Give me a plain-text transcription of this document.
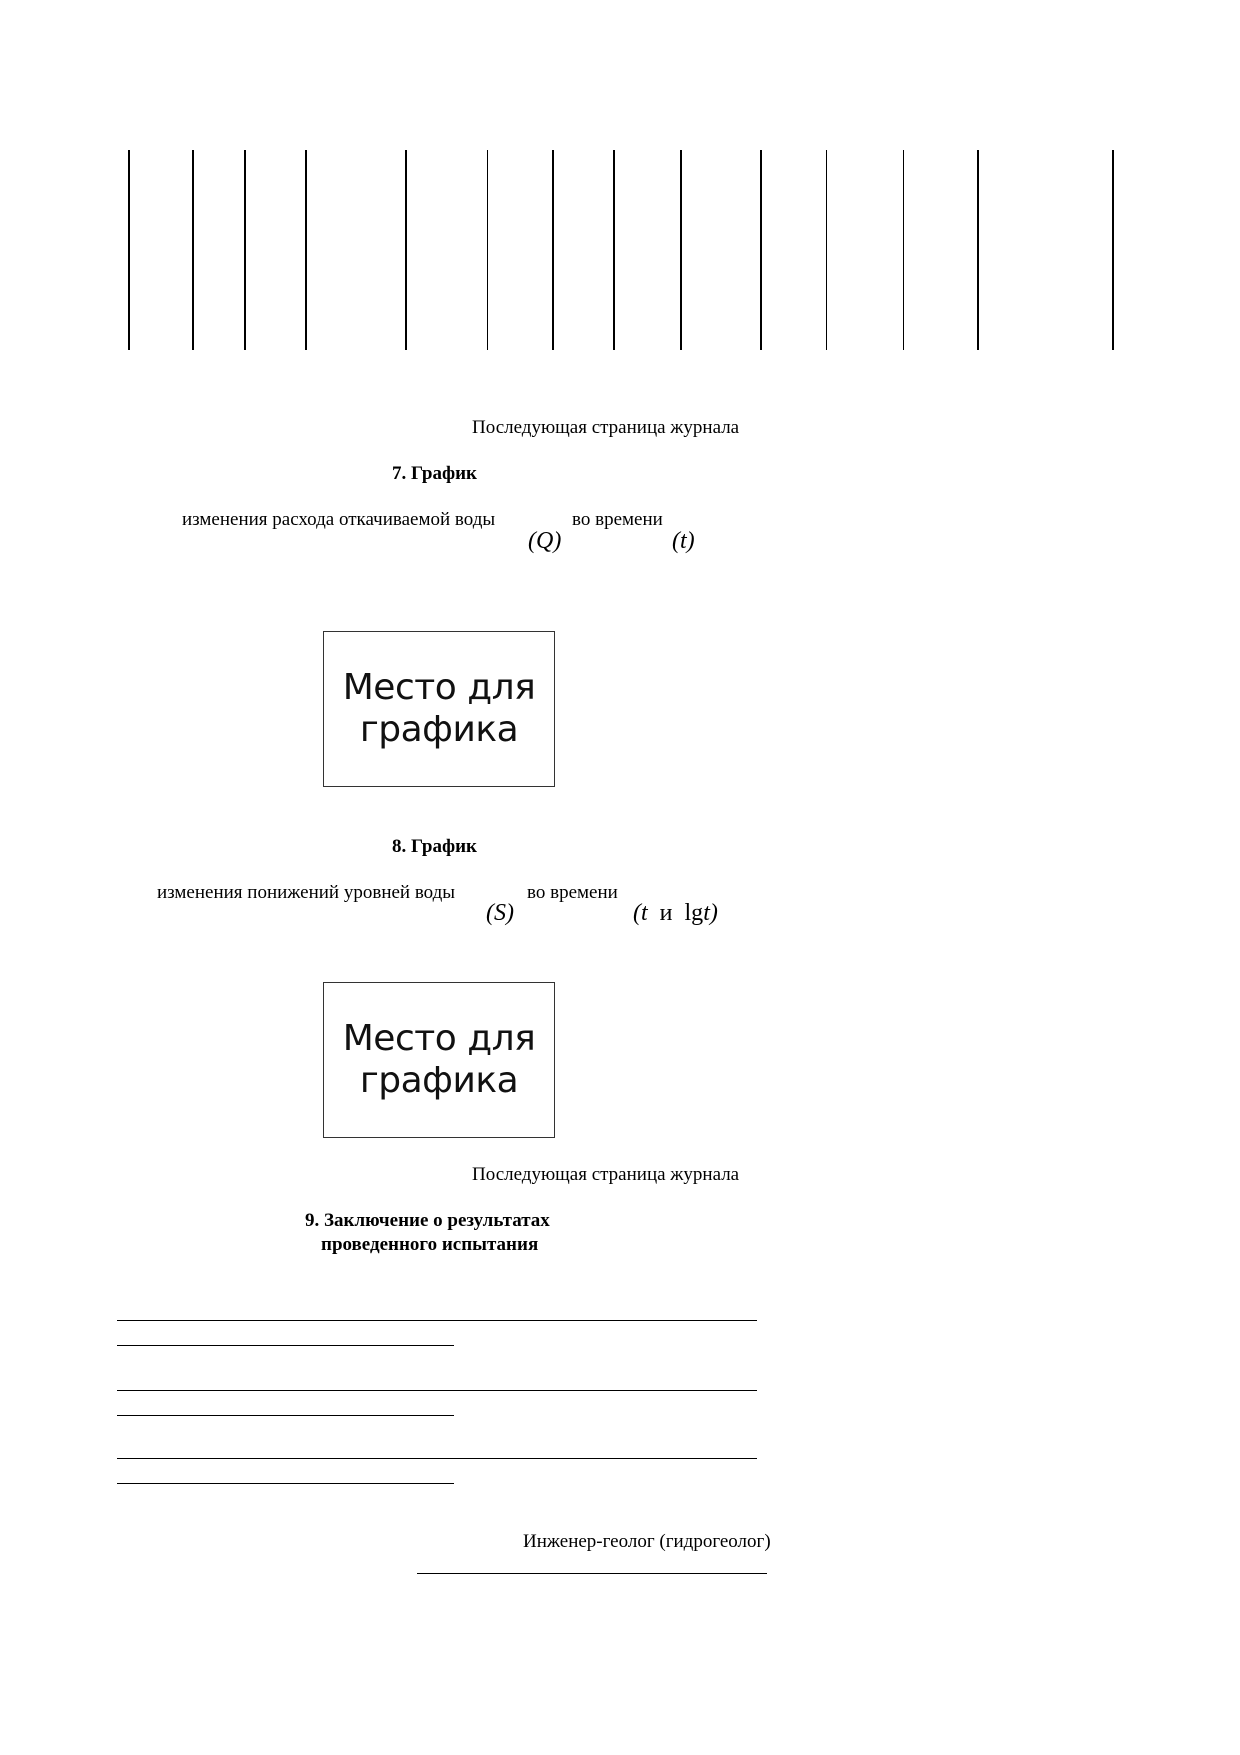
Последующая страница журнала
7. График
изменения расхода откачиваемой воды	во времени
(Q)	(t)
Место для графика
8. График
изменения понижений уровней воды	во времени
(S)	(t и lgt)
Место для графика
Последующая страница журнала
9. Заключение о результатах
проведенного испытания
Инженер-геолог (гидрогеолог)
